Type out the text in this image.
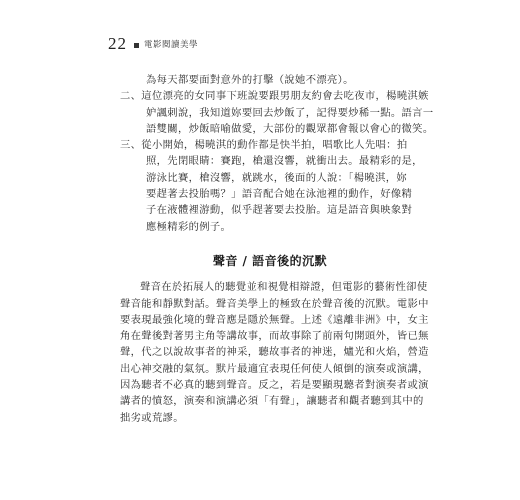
22 電影閱讀美學
為每天都要面對意外的打擊（說她不漂亮）。
二、這位漂亮的女同事下班說要跟男朋友約會去吃夜市，楊曉淇嫉
妒諷刺說，我知道妳要回去炒飯了，記得要炒稀一點。語言一
語雙關，炒飯暗喻做愛，大部份的觀眾都會報以會心的微笑。
三、從小開始，楊曉淇的動作都是快半拍，唱歌比人先唱：拍
照，先閉眼睛：賽跑，槍還沒響，就衝出去。最精彩的是，
游泳比賽，槍沒響，就跳水，後面的人說：「楊曉淇，妳
要趕著去投胎嗎？」語音配合她在泳池裡的動作，好像精
子在液體裡游動，似乎趕著要去投胎。這是語音與映象對
應極精彩的例子。
聲音 / 語音後的沉默
聲音在於拓展人的聽覺並和視覺相辯證，但電影的藝術性卻使
聲音能和靜默對話。聲音美學上的極致在於聲音後的沉默。電影中
要表現最強化境的聲音應是隱於無聲。上述《遠離非洲》中，女主
角在聲後對著男主角等講故事，而故事除了前兩句開頭外，皆已無
聲，代之以說故事者的神采，聽故事者的神迷，爐光和火焰，營造
出心神交融的氣氛。默片最適宜表現任何使人傾倒的演奏或演講，
因為聽者不必真的聽到聲音。反之，若是要顯現聽者對演奏者或演
講者的憤怒，演奏和演講必須「有聲」，讓聽者和觀者聽到其中的
拙劣或荒謬。
